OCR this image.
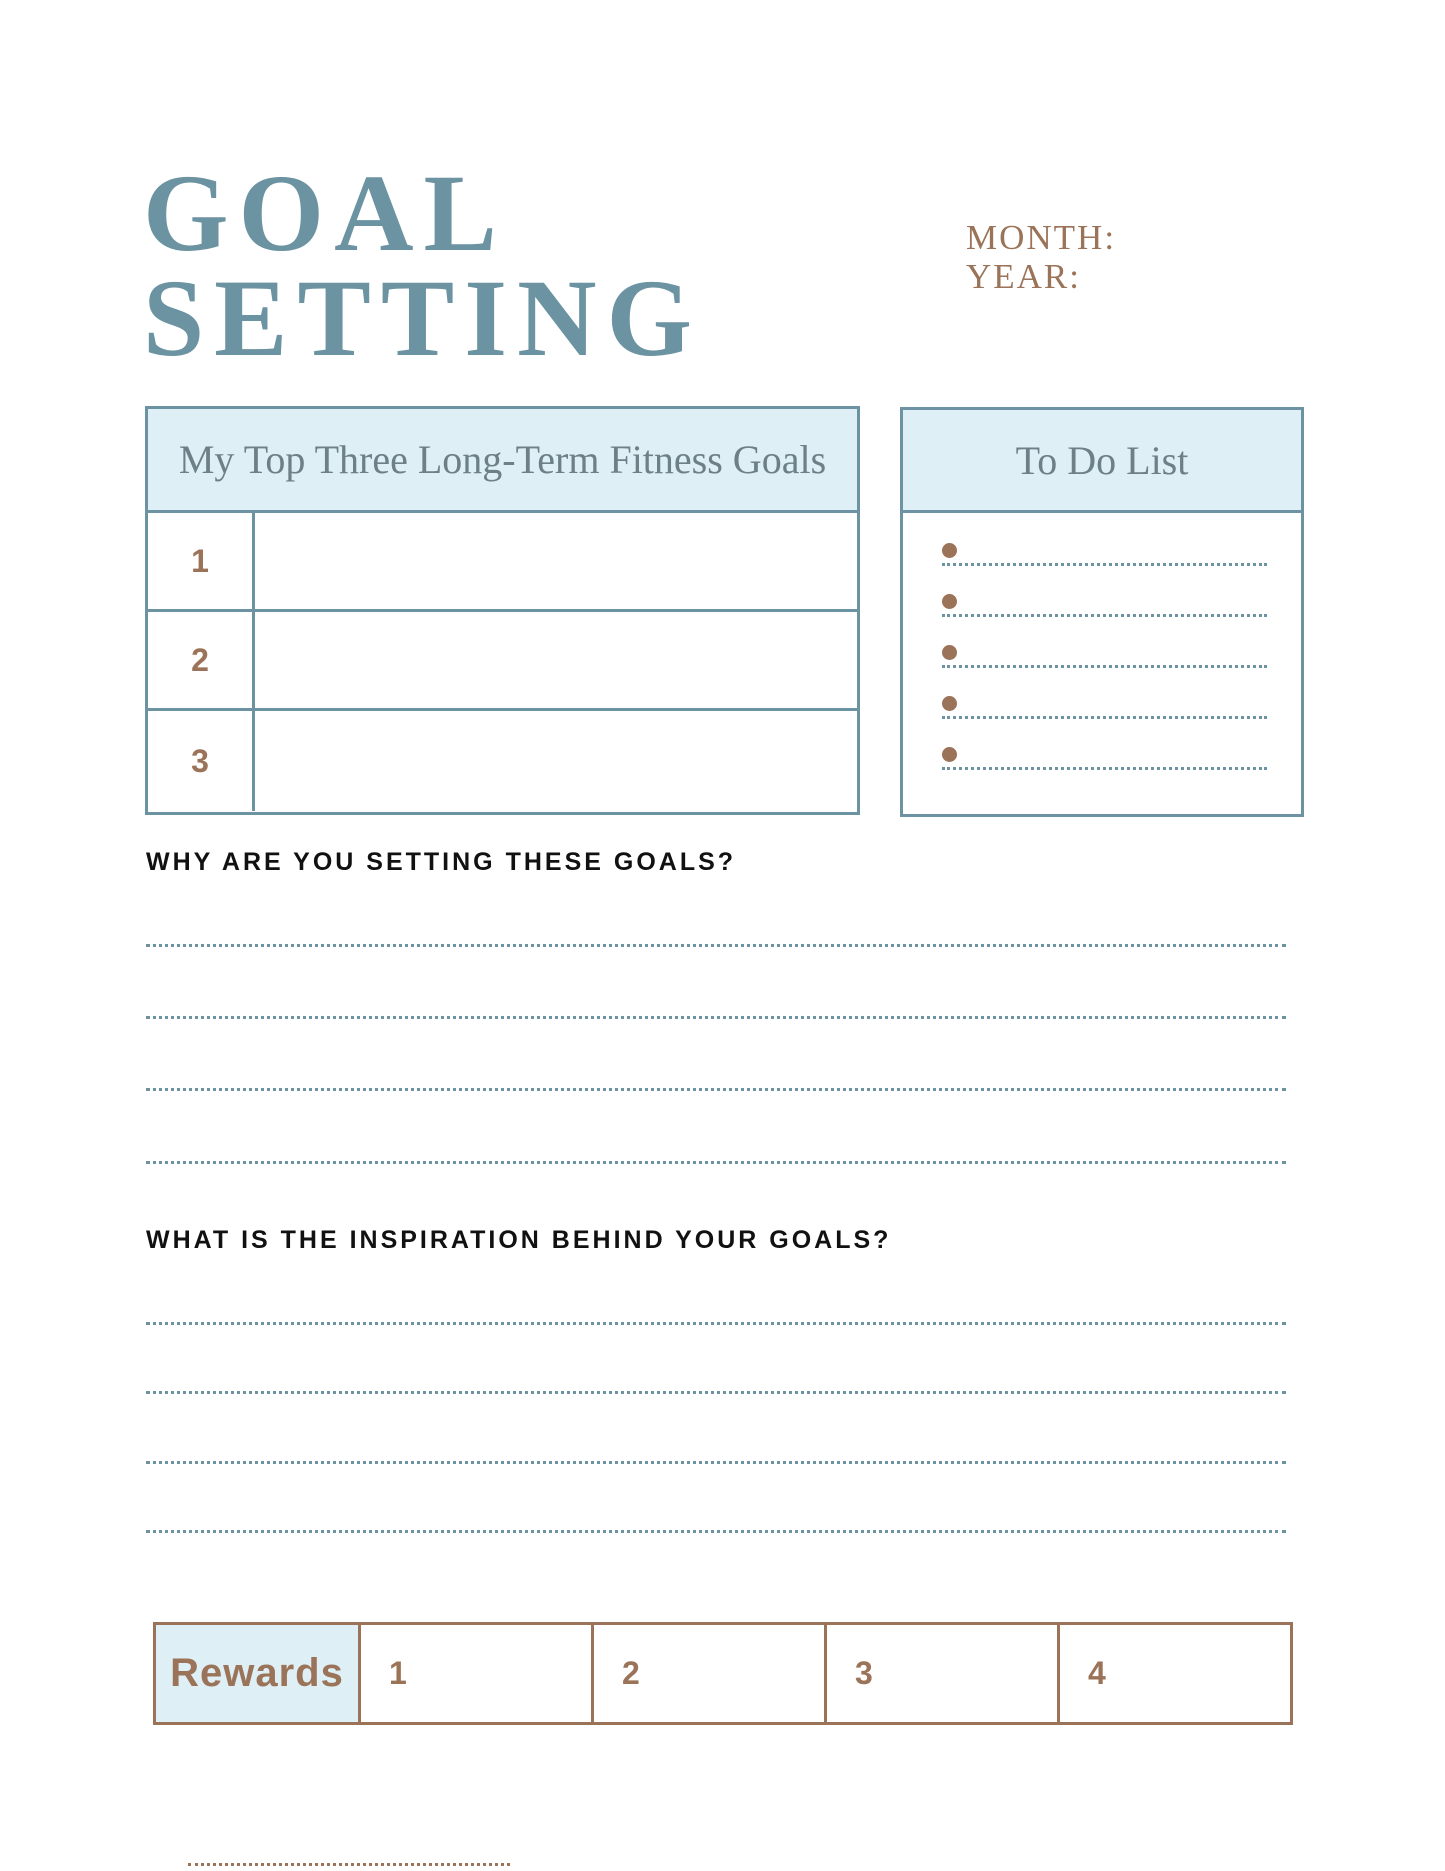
GOAL
SETTING
MONTH:
YEAR:
My Top Three Long-Term Fitness Goals
1
2
3
To Do List
WHY ARE YOU SETTING THESE GOALS?
WHAT IS THE INSPIRATION BEHIND YOUR GOALS?
Rewards	1	2	3	4
